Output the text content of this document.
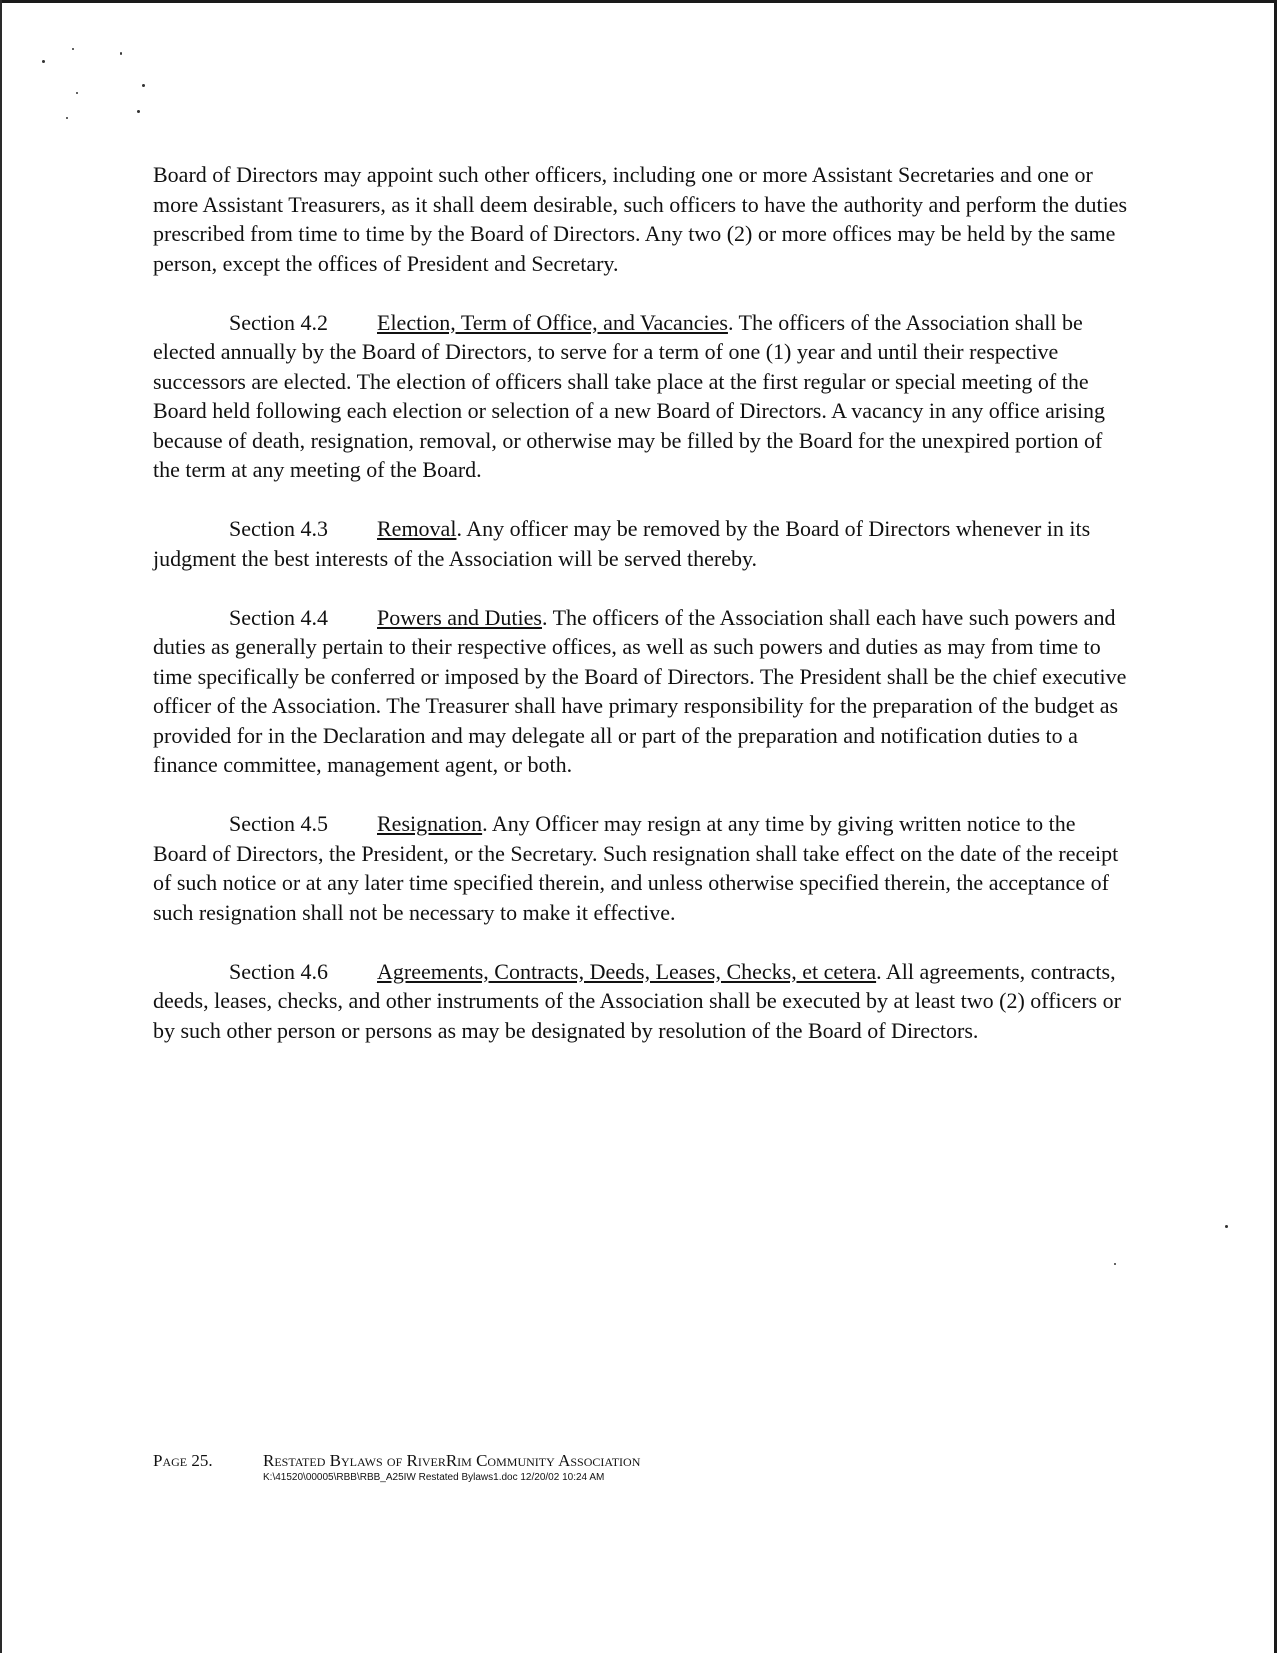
Board of Directors may appoint such other officers, including one or more Assistant Secretaries and one or more Assistant Treasurers, as it shall deem desirable, such officers to have the authority and perform the duties prescribed from time to time by the Board of Directors. Any two (2) or more offices may be held by the same person, except the offices of President and Secretary.

Section 4.2 Election, Term of Office, and Vacancies. The officers of the Association shall be elected annually by the Board of Directors, to serve for a term of one (1) year and until their respective successors are elected. The election of officers shall take place at the first regular or special meeting of the Board held following each election or selection of a new Board of Directors. A vacancy in any office arising because of death, resignation, removal, or otherwise may be filled by the Board for the unexpired portion of the term at any meeting of the Board.

Section 4.3 Removal. Any officer may be removed by the Board of Directors whenever in its judgment the best interests of the Association will be served thereby.

Section 4.4 Powers and Duties. The officers of the Association shall each have such powers and duties as generally pertain to their respective offices, as well as such powers and duties as may from time to time specifically be conferred or imposed by the Board of Directors. The President shall be the chief executive officer of the Association. The Treasurer shall have primary responsibility for the preparation of the budget as provided for in the Declaration and may delegate all or part of the preparation and notification duties to a finance committee, management agent, or both.

Section 4.5 Resignation. Any Officer may resign at any time by giving written notice to the Board of Directors, the President, or the Secretary. Such resignation shall take effect on the date of the receipt of such notice or at any later time specified therein, and unless otherwise specified therein, the acceptance of such resignation shall not be necessary to make it effective.

Section 4.6 Agreements, Contracts, Deeds, Leases, Checks, et cetera. All agreements, contracts, deeds, leases, checks, and other instruments of the Association shall be executed by at least two (2) officers or by such other person or persons as may be designated by resolution of the Board of Directors.

Page 25.	Restated Bylaws of RiverRim Community Association
K:\41520\00005\RBB\RBB_A25IW Restated Bylaws1.doc 12/20/02 10:24 AM
